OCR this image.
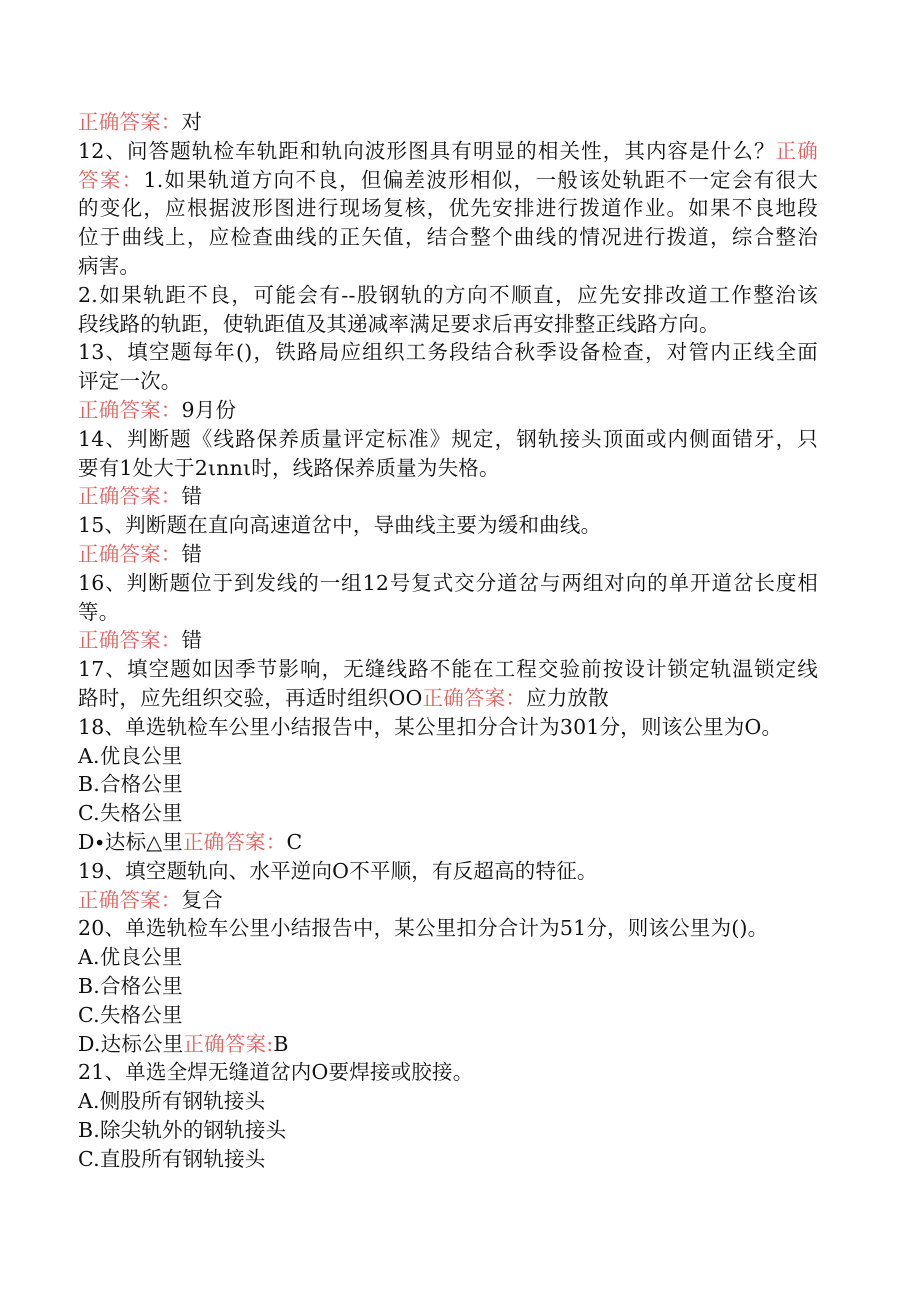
正确答案：对
12、问答题轨检车轨距和轨向波形图具有明显的相关性，其内容是什么？正确
答案：1.如果轨道方向不良，但偏差波形相似，一般该处轨距不一定会有很大
的变化，应根据波形图进行现场复核，优先安排进行拨道作业。如果不良地段
位于曲线上，应检查曲线的正矢值，结合整个曲线的情况进行拨道，综合整治
病害。
2.如果轨距不良，可能会有--股钢轨的方向不顺直，应先安排改道工作整治该
段线路的轨距，使轨距值及其递减率满足要求后再安排整正线路方向。
13、填空题每年()，铁路局应组织工务段结合秋季设备检查，对管内正线全面
评定一次。
正确答案：9月份
14、判断题《线路保养质量评定标准》规定，钢轨接头顶面或内侧面错牙，只
要有1处大于2ιnnι时，线路保养质量为失格。
正确答案：错
15、判断题在直向高速道岔中，导曲线主要为缓和曲线。
正确答案：错
16、判断题位于到发线的一组12号复式交分道岔与两组对向的单开道岔长度相
等。
正确答案：错
17、填空题如因季节影响，无缝线路不能在工程交验前按设计锁定轨温锁定线
路时，应先组织交验，再适时组织OO正确答案：应力放散
18、单选轨检车公里小结报告中，某公里扣分合计为301分，则该公里为O。
A.优良公里
B.合格公里
C.失格公里
D∙达标△里正确答案：C
19、填空题轨向、水平逆向O不平顺，有反超高的特征。
正确答案：复合
20、单选轨检车公里小结报告中，某公里扣分合计为51分，则该公里为()。
A.优良公里
B.合格公里
C.失格公里
D.达标公里正确答案:B
21、单选全焊无缝道岔内O要焊接或胶接。
A.侧股所有钢轨接头
B.除尖轨外的钢轨接头
C.直股所有钢轨接头
